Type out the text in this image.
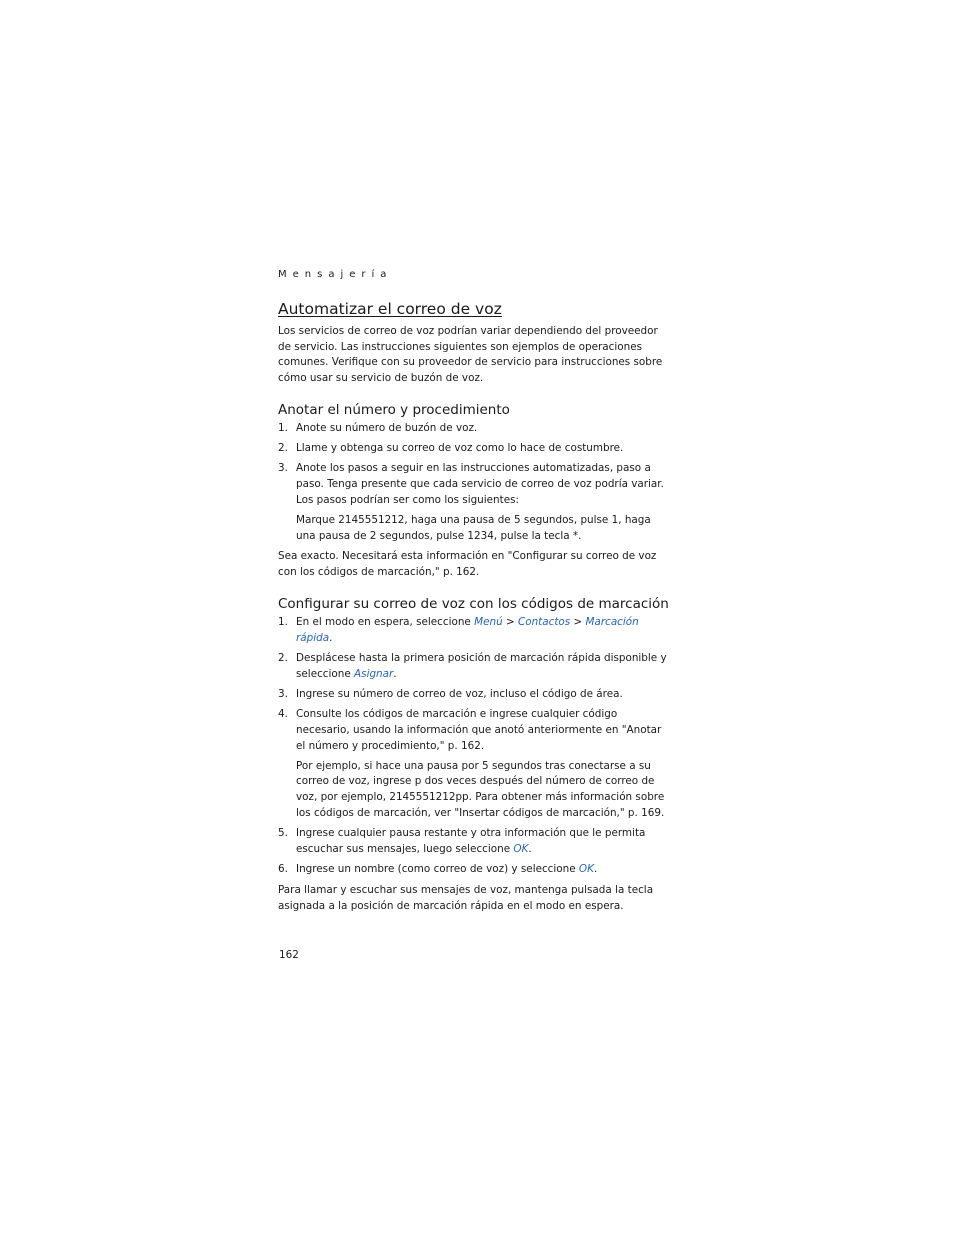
Mensajería
Automatizar el correo de voz

Los servicios de correo de voz podrían variar dependiendo del proveedor de servicio. Las instrucciones siguientes son ejemplos de operaciones comunes. Verifique con su proveedor de servicio para instrucciones sobre cómo usar su servicio de buzón de voz.

Anotar el número y procedimiento
1. Anote su número de buzón de voz.
2. Llame y obtenga su correo de voz como lo hace de costumbre.
3. Anote los pasos a seguir en las instrucciones automatizadas, paso a paso. Tenga presente que cada servicio de correo de voz podría variar. Los pasos podrían ser como los siguientes:
Marque 2145551212, haga una pausa de 5 segundos, pulse 1, haga una pausa de 2 segundos, pulse 1234, pulse la tecla *.

Sea exacto. Necesitará esta información en "Configurar su correo de voz con los códigos de marcación," p. 162.

Configurar su correo de voz con los códigos de marcación
1. En el modo en espera, seleccione Menú > Contactos > Marcación rápida.
2. Desplácese hasta la primera posición de marcación rápida disponible y seleccione Asignar.
3. Ingrese su número de correo de voz, incluso el código de área.
4. Consulte los códigos de marcación e ingrese cualquier código necesario, usando la información que anotó anteriormente en "Anotar el número y procedimiento," p. 162.
Por ejemplo, si hace una pausa por 5 segundos tras conectarse a su correo de voz, ingrese p dos veces después del número de correo de voz, por ejemplo, 2145551212pp. Para obtener más información sobre los códigos de marcación, ver "Insertar códigos de marcación," p. 169.
5. Ingrese cualquier pausa restante y otra información que le permita escuchar sus mensajes, luego seleccione OK.
6. Ingrese un nombre (como correo de voz) y seleccione OK.

Para llamar y escuchar sus mensajes de voz, mantenga pulsada la tecla asignada a la posición de marcación rápida en el modo en espera.

162
